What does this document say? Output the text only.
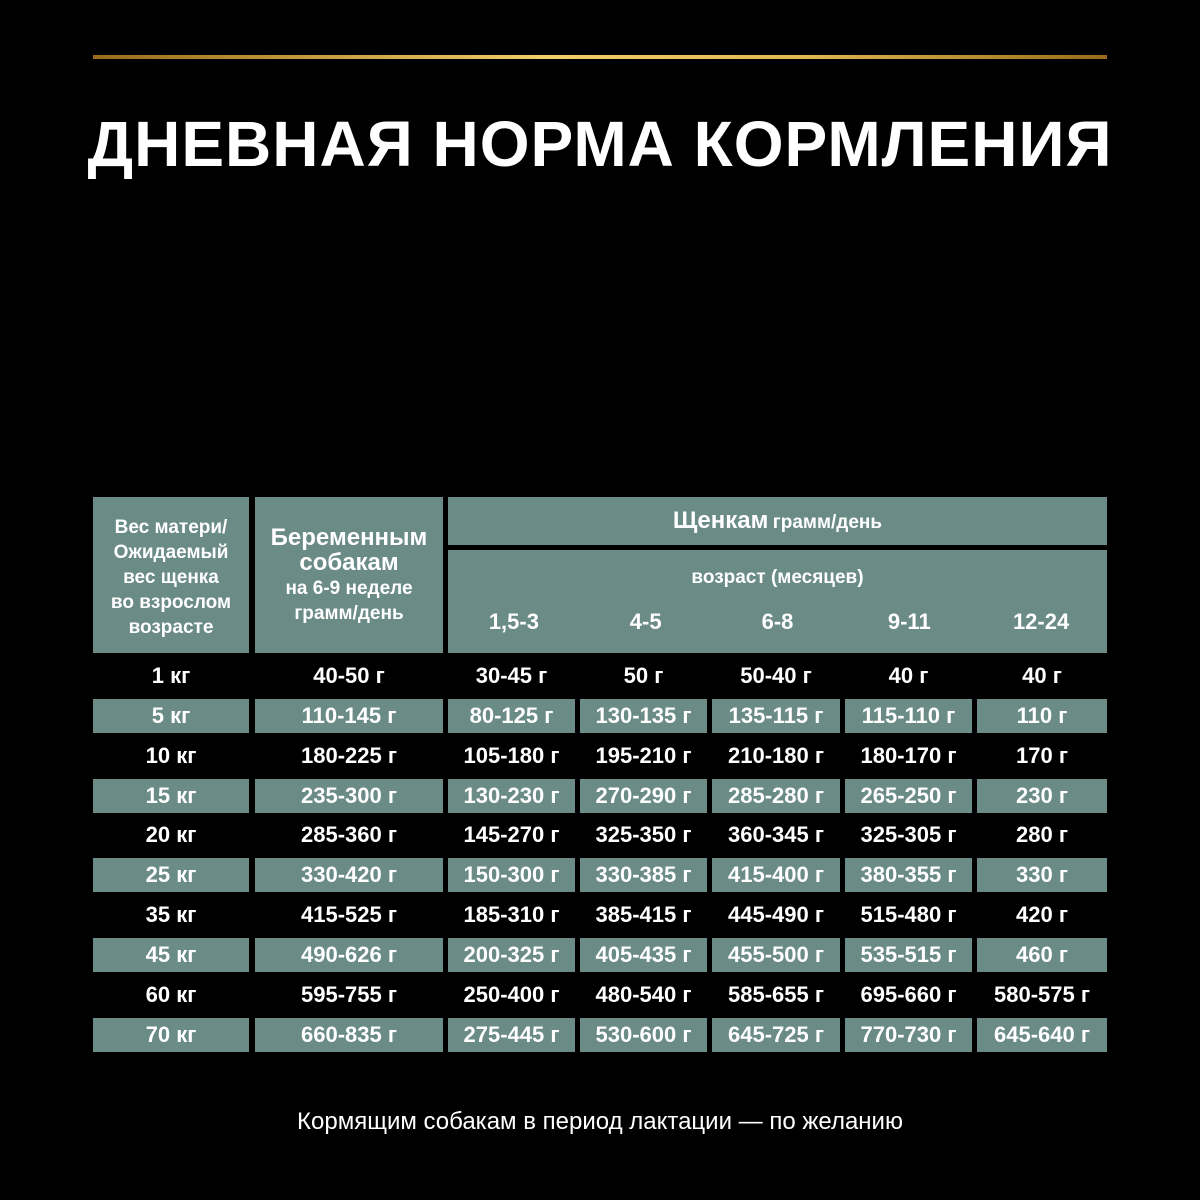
ДНЕВНАЯ НОРМА КОРМЛЕНИЯ
Вес матери/
Ожидаемый
вес щенка
во взрослом
возрасте
Беременным
собакам
на 6-9 неделе
грамм/день
Щенкам грамм/день
возраст (месяцев)
1,5-3	4-5	6-8	9-11	12-24
1 кг	40-50 г	30-45 г	50 г	50-40 г	40 г	40 г
5 кг	110-145 г	80-125 г	130-135 г	135-115 г	115-110 г	110 г
10 кг	180-225 г	105-180 г	195-210 г	210-180 г	180-170 г	170 г
15 кг	235-300 г	130-230 г	270-290 г	285-280 г	265-250 г	230 г
20 кг	285-360 г	145-270 г	325-350 г	360-345 г	325-305 г	280 г
25 кг	330-420 г	150-300 г	330-385 г	415-400 г	380-355 г	330 г
35 кг	415-525 г	185-310 г	385-415 г	445-490 г	515-480 г	420 г
45 кг	490-626 г	200-325 г	405-435 г	455-500 г	535-515 г	460 г
60 кг	595-755 г	250-400 г	480-540 г	585-655 г	695-660 г	580-575 г
70 кг	660-835 г	275-445 г	530-600 г	645-725 г	770-730 г	645-640 г
Кормящим собакам в период лактации — по желанию
